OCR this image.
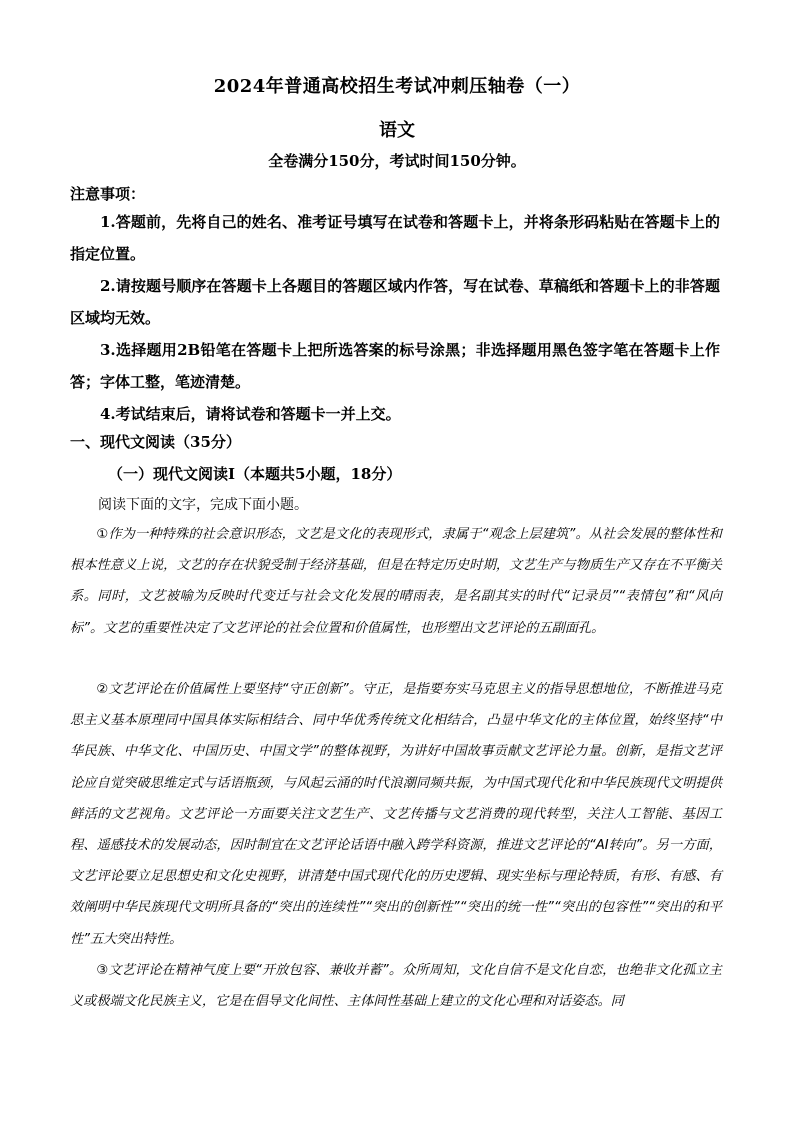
2024年普通高校招生考试冲刺压轴卷（一）
语文
全卷满分150分，考试时间150分钟。
注意事项：
1.答题前，先将自己的姓名、准考证号填写在试卷和答题卡上，并将条形码粘贴在答题卡上的指定位置。
2.请按题号顺序在答题卡上各题目的答题区域内作答，写在试卷、草稿纸和答题卡上的非答题区域均无效。
3.选择题用2B铅笔在答题卡上把所选答案的标号涂黑；非选择题用黑色签字笔在答题卡上作答；字体工整，笔迹清楚。
4.考试结束后，请将试卷和答题卡一并上交。
一、现代文阅读（35分）
（一）现代文阅读Ⅰ（本题共5小题，18分）
阅读下面的文字，完成下面小题。
①作为一种特殊的社会意识形态，文艺是文化的表现形式，隶属于“观念上层建筑”。从社会发展的整体性和根本性意义上说，文艺的存在状貌受制于经济基础，但是在特定历史时期，文艺生产与物质生产又存在不平衡关系。同时，文艺被喻为反映时代变迁与社会文化发展的晴雨表，是名副其实的时代“记录员”“表情包”和“风向标”。文艺的重要性决定了文艺评论的社会位置和价值属性，也形塑出文艺评论的五副面孔。
②文艺评论在价值属性上要坚持“守正创新”。守正，是指要夯实马克思主义的指导思想地位，不断推进马克思主义基本原理同中国具体实际相结合、同中华优秀传统文化相结合，凸显中华文化的主体位置，始终坚持“中华民族、中华文化、中国历史、中国文学”的整体视野，为讲好中国故事贡献文艺评论力量。创新，是指文艺评论应自觉突破思维定式与话语瓶颈，与风起云涌的时代浪潮同频共振，为中国式现代化和中华民族现代文明提供鲜活的文艺视角。文艺评论一方面要关注文艺生产、文艺传播与文艺消费的现代转型，关注人工智能、基因工程、遥感技术的发展动态，因时制宜在文艺评论话语中融入跨学科资源，推进文艺评论的“AI转向”。另一方面，文艺评论要立足思想史和文化史视野，讲清楚中国式现代化的历史逻辑、现实坐标与理论特质，有形、有感、有效阐明中华民族现代文明所具备的“突出的连续性”“突出的创新性”“突出的统一性”“突出的包容性”“突出的和平性”五大突出特性。
③文艺评论在精神气度上要“开放包容、兼收并蓄”。众所周知，文化自信不是文化自恋，也绝非文化孤立主义或极端文化民族主义，它是在倡导文化间性、主体间性基础上建立的文化心理和对话姿态。同
